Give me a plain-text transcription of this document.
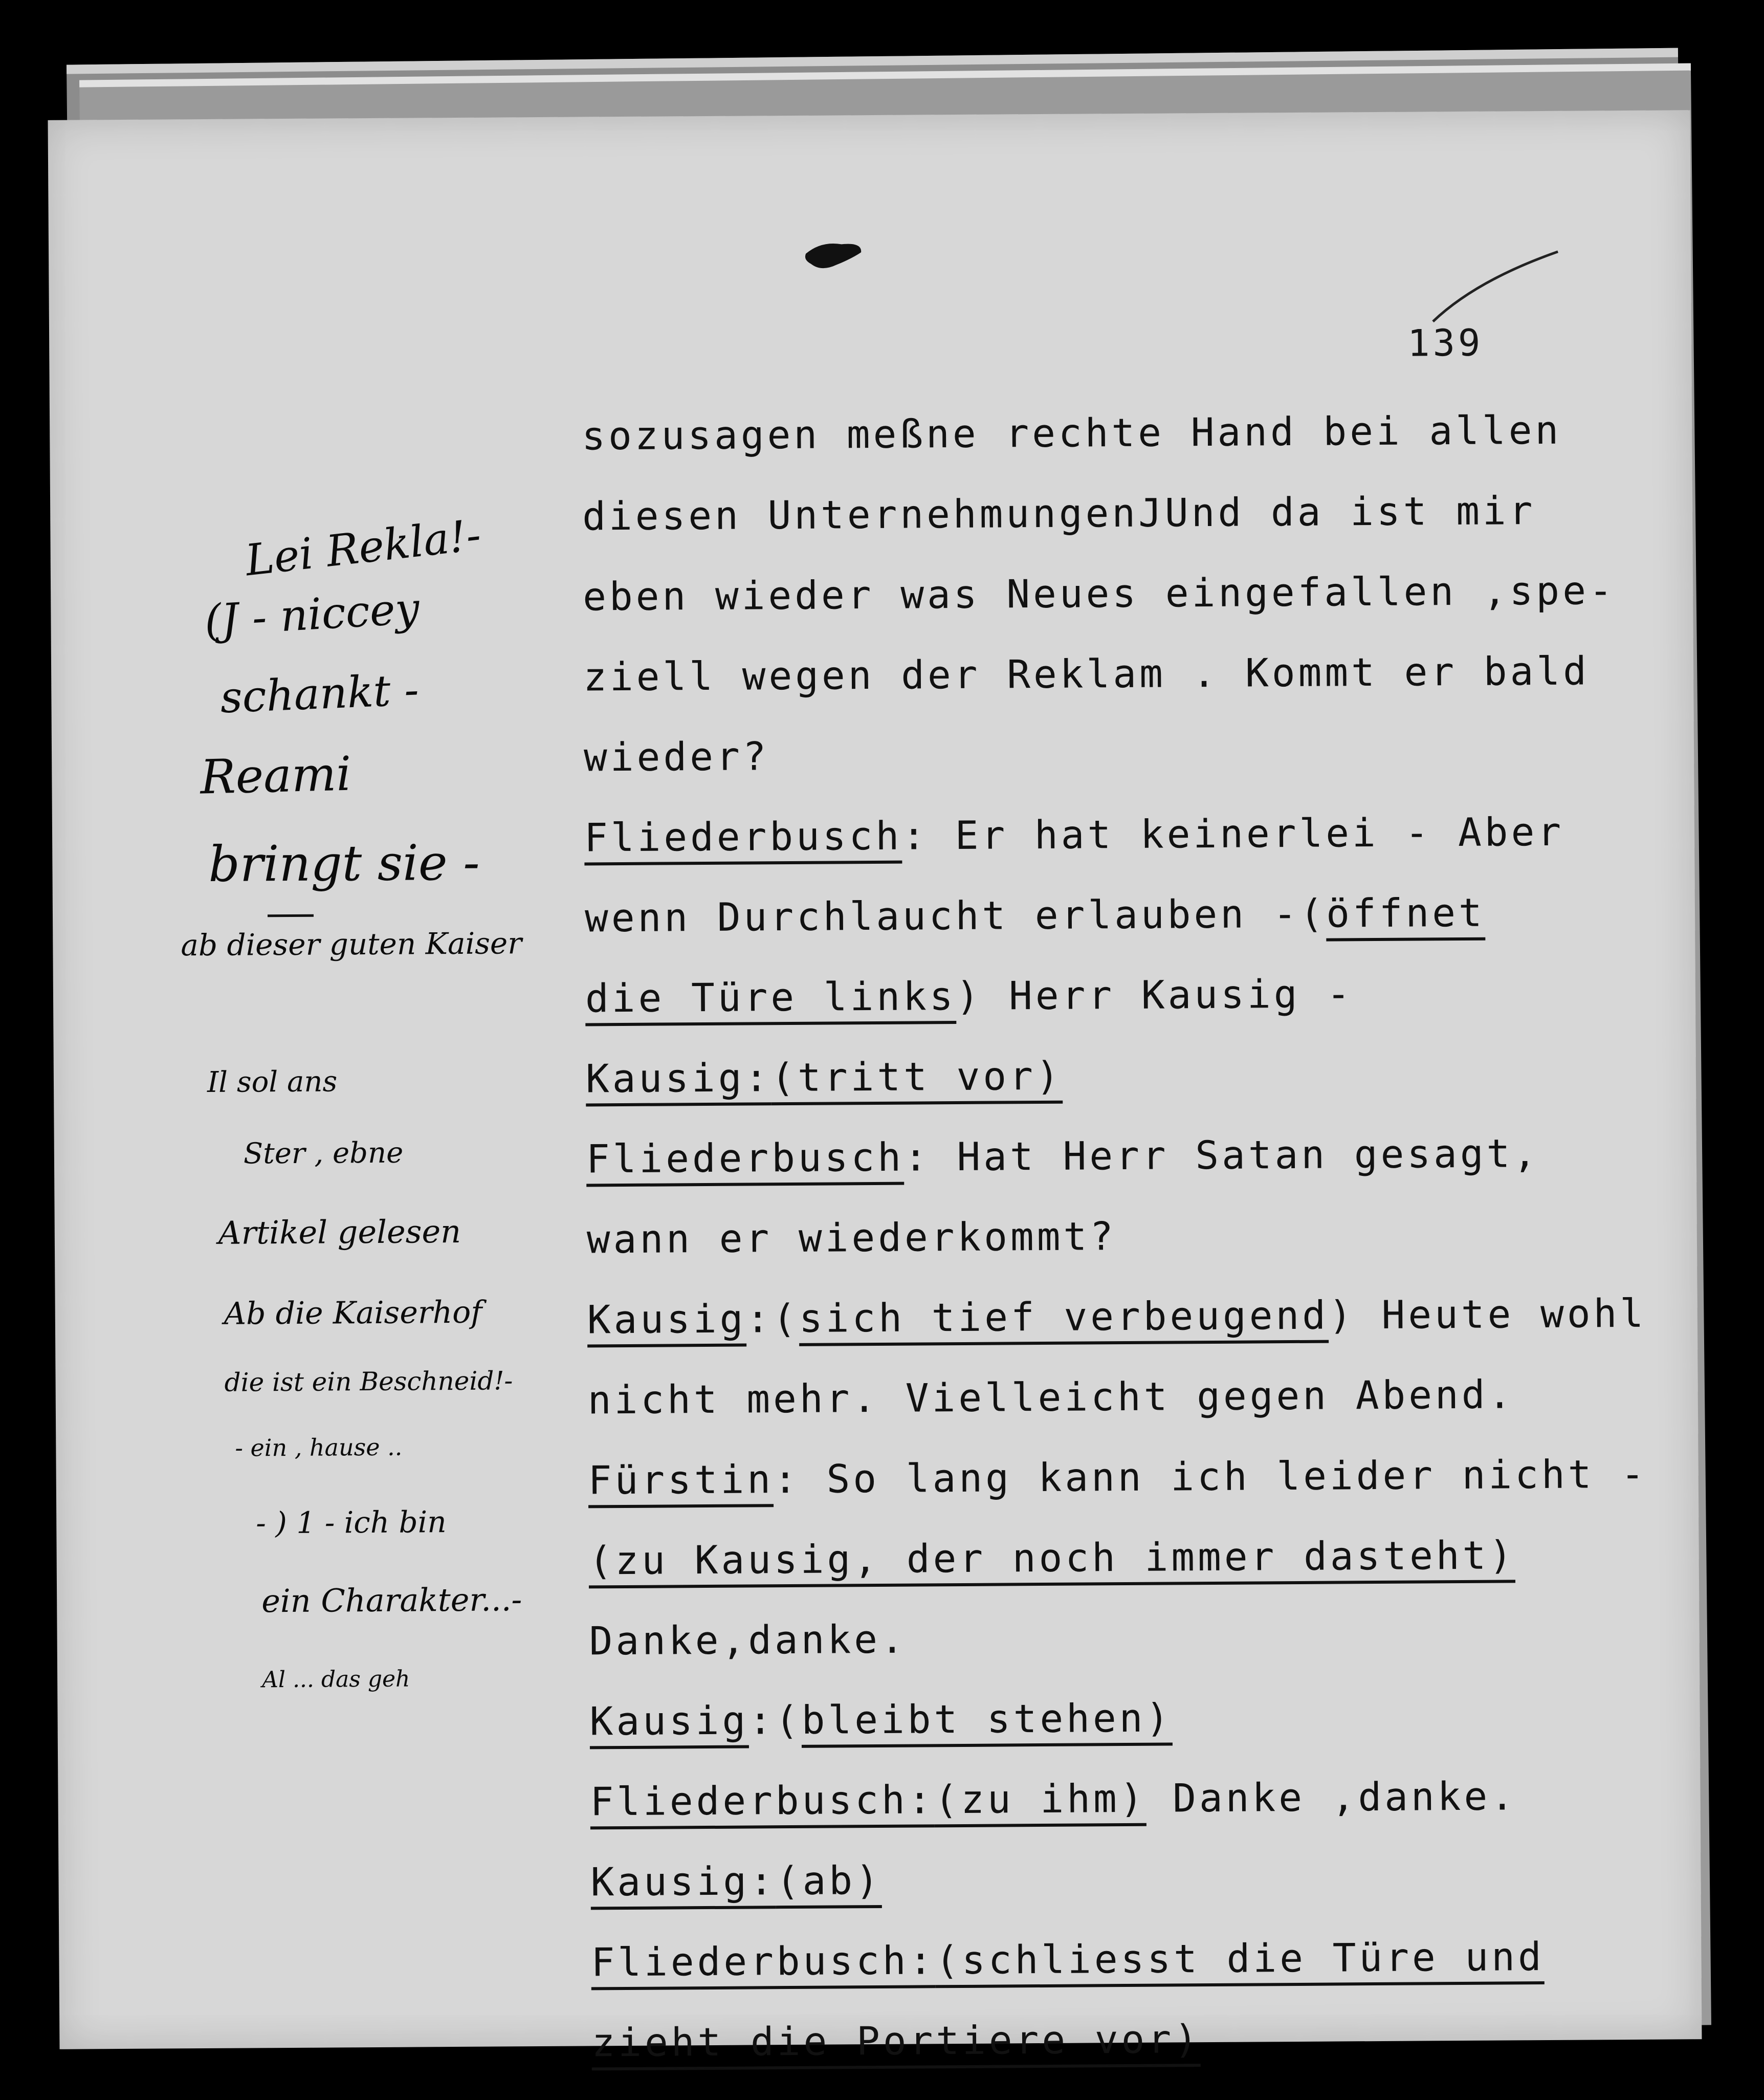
139
sozusagen meßne rechte Hand bei allen
diesen UnternehmungenJUnd da ist mir
eben wieder was Neues eingefallen ,spe-
ziell wegen der Reklam . Kommt er bald
wieder?
Fliederbusch: Er hat keinerlei - Aber
wenn Durchlaucht erlauben -(öffnet
die Türe links) Herr Kausig -
Kausig:(tritt vor)
Fliederbusch: Hat Herr Satan gesagt,
wann er wiederkommt?
Kausig:(sich tief verbeugend) Heute wohl
nicht mehr. Vielleicht gegen Abend.
Fürstin: So lang kann ich leider nicht -
(zu Kausig, der noch immer dasteht)
Danke,danke.
Kausig:(bleibt stehen)
Fliederbusch:(zu ihm) Danke ,danke.
Kausig:(ab)
Fliederbusch:(schliesst die Türe und
zieht die Portiere vor)
Lei Rekla!-
(J - niccey
schankt -
Reami
bringt sie -
ab dieser guten Kaiser
Il sol ans
Ster , ebne
Artikel gelesen
Ab die Kaiserhof
die ist ein Beschneid!-
- ein , hause ..
- ) 1 - ich bin
ein Charakter...-
Al ... das geh
